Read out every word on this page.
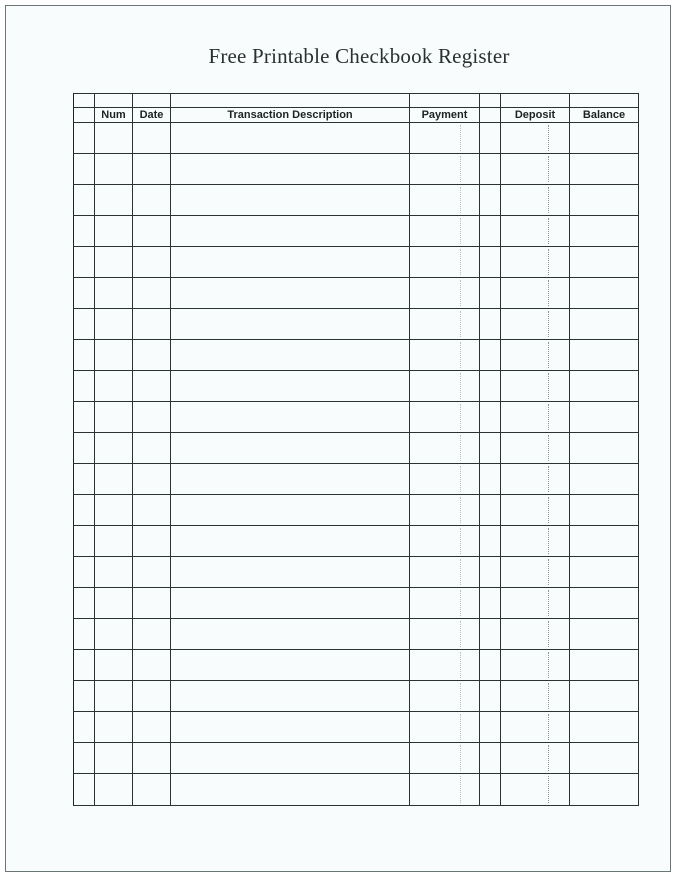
Free Printable Checkbook Register

	Num	Date	Transaction Description	Payment		Deposit	Balance
